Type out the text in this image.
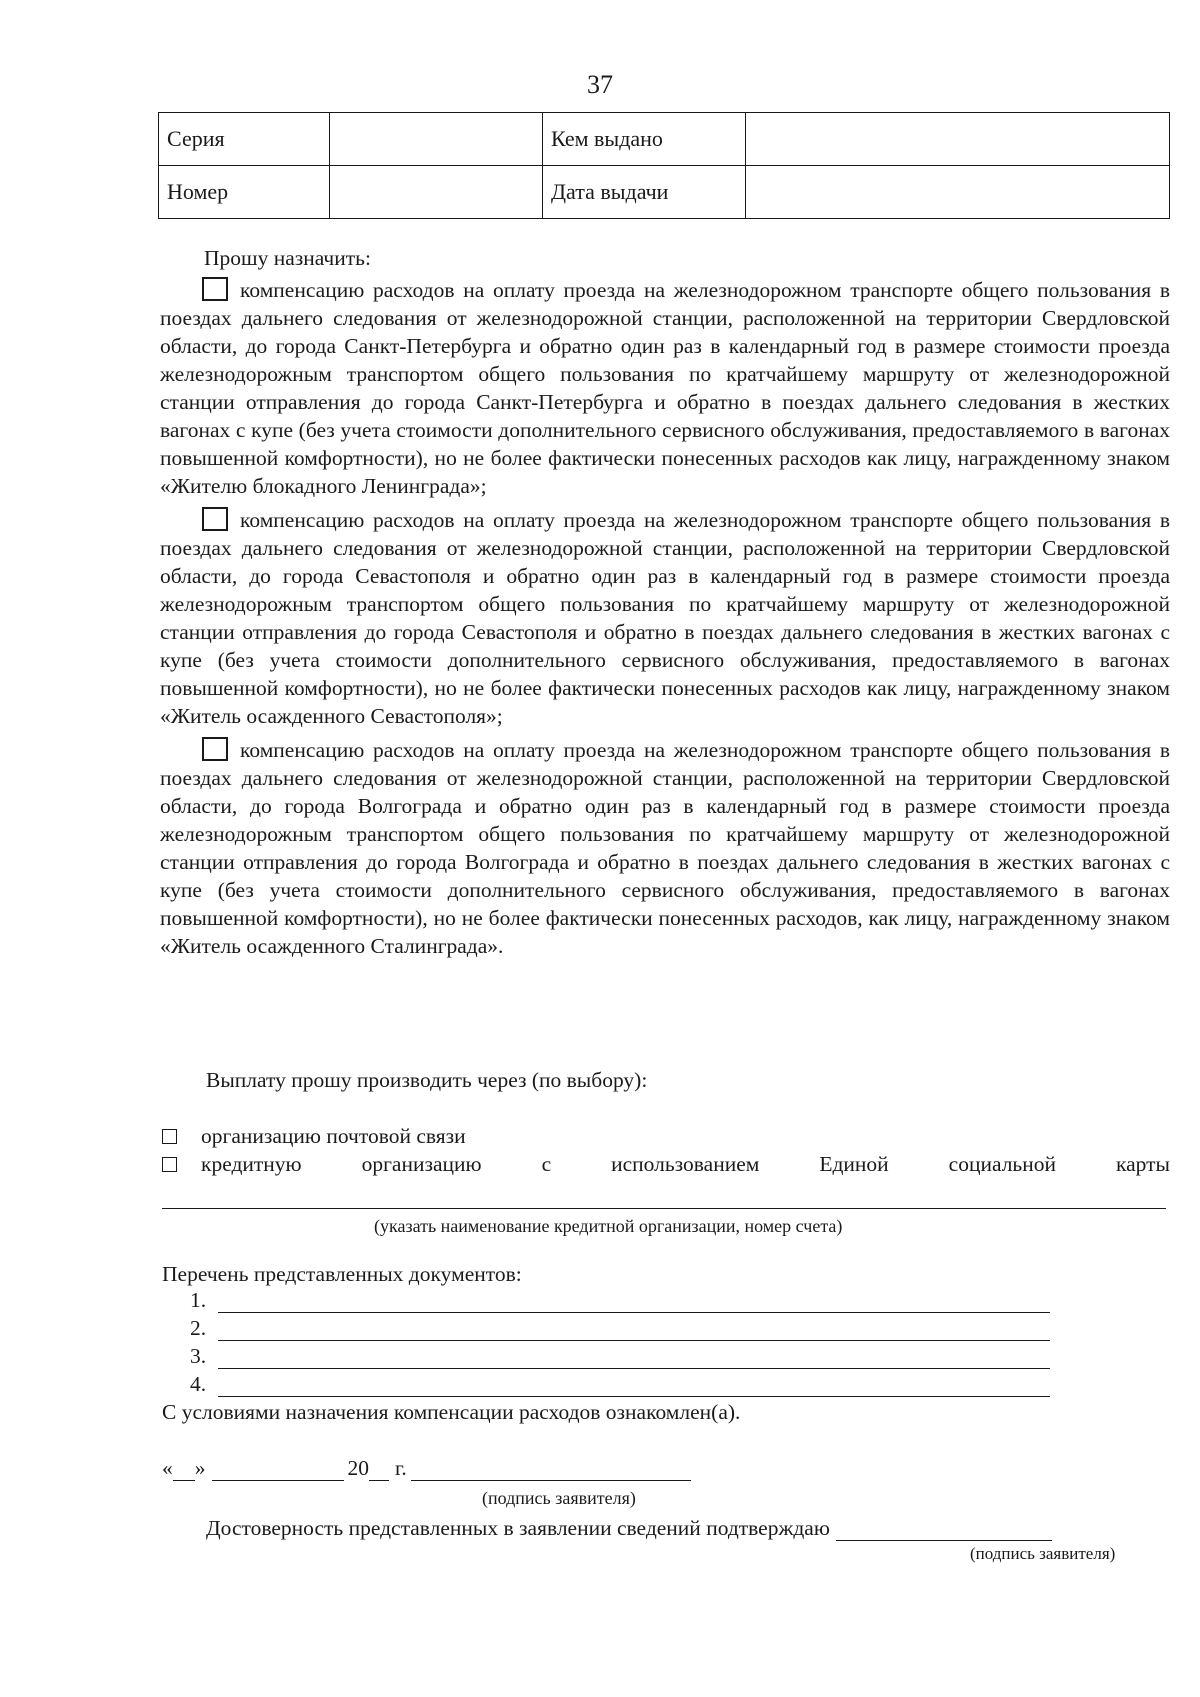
37
Серия		Кем выдано	
Номер		Дата выдачи	
Прошу назначить:
компенсацию расходов на оплату проезда на железнодорожном транспорте общего пользования в поездах дальнего следования от железнодорожной станции, расположенной на территории Свердловской области, до города Санкт-Петербурга и обратно один раз в календарный год в размере стоимости проезда железнодорожным транспортом общего пользования по кратчайшему маршруту от железнодорожной станции отправления до города Санкт-Петербурга и обратно в поездах дальнего следования в жестких вагонах с купе (без учета стоимости дополнительного сервисного обслуживания, предоставляемого в вагонах повышенной комфортности), но не более фактически понесенных расходов как лицу, награжденному знаком «Жителю блокадного Ленинграда»;
компенсацию расходов на оплату проезда на железнодорожном транспорте общего пользования в поездах дальнего следования от железнодорожной станции, расположенной на территории Свердловской области, до города Севастополя и обратно один раз в календарный год в размере стоимости проезда железнодорожным транспортом общего пользования по кратчайшему маршруту от железнодорожной станции отправления до города Севастополя и обратно в поездах дальнего следования в жестких вагонах с купе (без учета стоимости дополнительного сервисного обслуживания, предоставляемого в вагонах повышенной комфортности), но не более фактически понесенных расходов как лицу, награжденному знаком «Житель осажденного Севастополя»;
компенсацию расходов на оплату проезда на железнодорожном транспорте общего пользования в поездах дальнего следования от железнодорожной станции, расположенной на территории Свердловской области, до города Волгограда и обратно один раз в календарный год в размере стоимости проезда железнодорожным транспортом общего пользования по кратчайшему маршруту от железнодорожной станции отправления до города Волгограда и обратно в поездах дальнего следования в жестких вагонах с купе (без учета стоимости дополнительного сервисного обслуживания, предоставляемого в вагонах повышенной комфортности), но не более фактически понесенных расходов, как лицу, награжденному знаком «Житель осажденного Сталинграда».
Выплату прошу производить через (по выбору):
организацию почтовой связи
кредитную	организацию	с	использованием	Единой	социальной	карты
(указать наименование кредитной организации, номер счета)
Перечень представленных документов:
1.
2.
3.
4.
С условиями назначения компенсации расходов ознакомлен(а).
« »	20 г.
(подпись заявителя)
Достоверность представленных в заявлении сведений подтверждаю
(подпись заявителя)
